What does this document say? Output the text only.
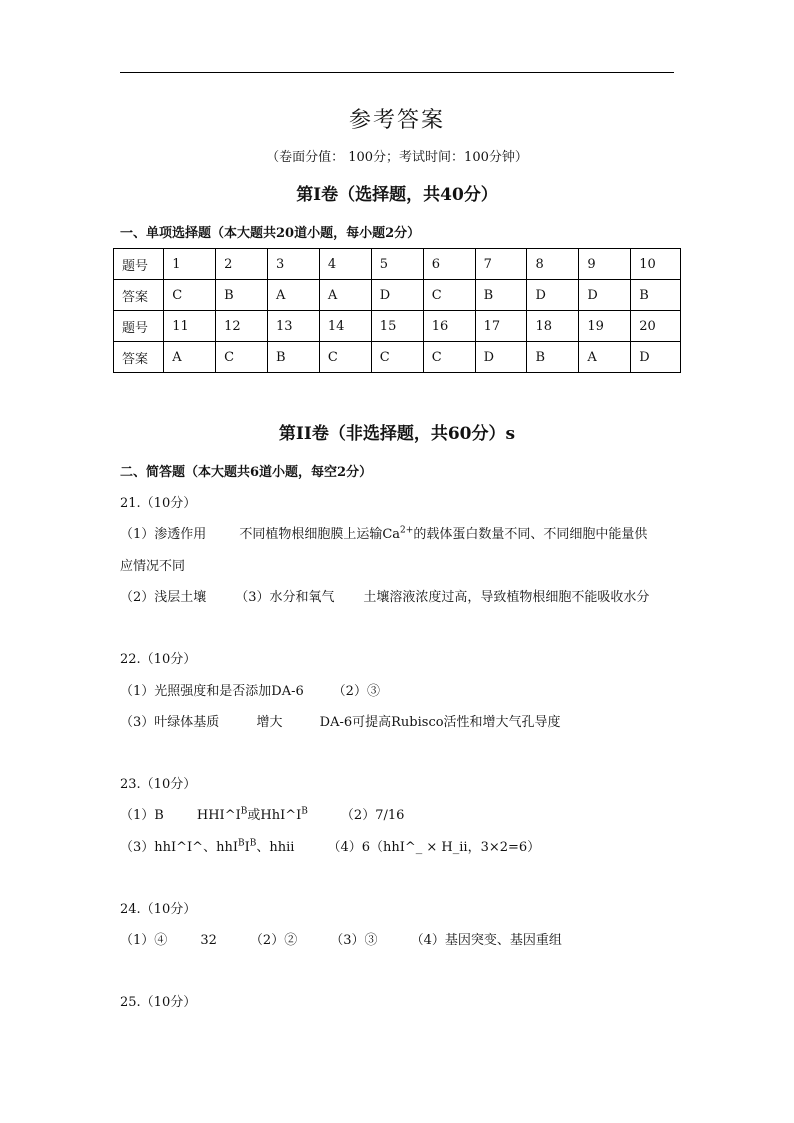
参考答案
（卷面分值： 100分；考试时间：100分钟）
第I卷（选择题，共40分）
一、单项选择题（本大题共20道小题，每小题2分）
题号	1	2	3	4	5	6	7	8	9	10
答案	C	B	A	A	D	C	B	D	D	B
题号	11	12	13	14	15	16	17	18	19	20
答案	A	C	B	C	C	C	D	B	A	D
第II卷（非选择题，共60分）s
二、简答题（本大题共6道小题，每空2分）
21.（10分）
（1）渗透作用        不同植物根细胞膜上运输$Ca^{2+}$的载体蛋白数量不同、不同细胞中能量供
应情况不同
（2）浅层土壤       （3）水分和氧气       土壤溶液浓度过高，导致植物根细胞不能吸收水分
22.（10分）
（1）光照强度和是否添加DA-6       （2）③
（3）叶绿体基质         增大         DA-6可提高Rubisco活性和增大气孔导度
23.（10分）
（1）B        $HHI\^{}I^B$或$HhI\^{}I^B$        （2）7/16
（3）hhI^I^、$hhI^BI^B$、hhii        （4）6（hhI^_ × H_ii，3×2=6）
24.（10分）
（1）④        32        （2）②        （3）③        （4）基因突变、基因重组
25.（10分）
